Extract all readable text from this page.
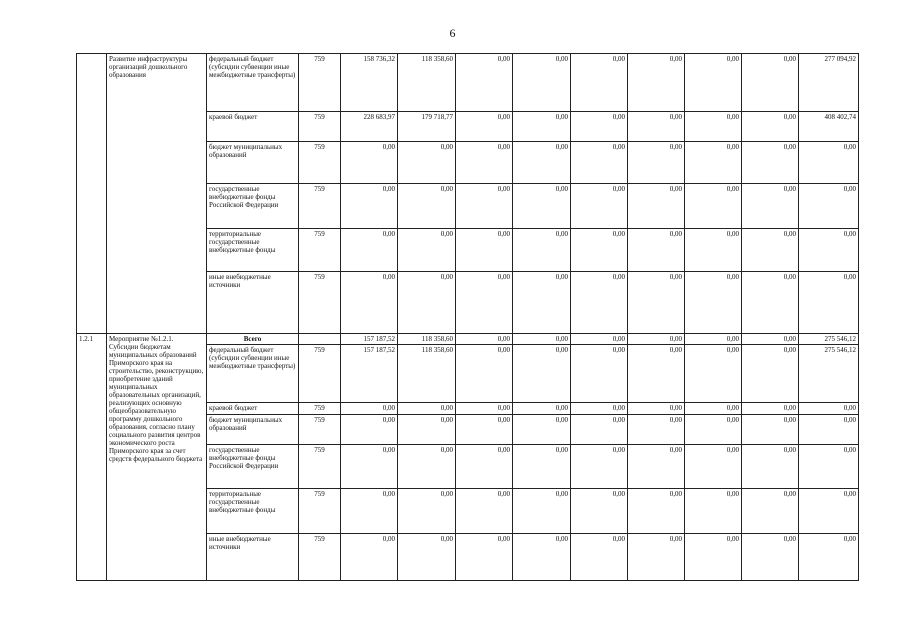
6
	Развитие инфраструктуры организаций дошкольного образования	федеральный бюджет (субсидии субвенции иные межбюджетные трансферты)	759	158 736,32	118 358,60	0,00	0,00	0,00	0,00	0,00	0,00	277 094,92
		краевой бюджет	759	228 683,97	179 718,77	0,00	0,00	0,00	0,00	0,00	0,00	408 402,74
		бюджет муниципальных образований	759	0,00	0,00	0,00	0,00	0,00	0,00	0,00	0,00	0,00
		государственные внебюджетные фонды Российской Федерации	759	0,00	0,00	0,00	0,00	0,00	0,00	0,00	0,00	0,00
		территориальные государственные внебюджетные фонды	759	0,00	0,00	0,00	0,00	0,00	0,00	0,00	0,00	0,00
		иные внебюджетные источники	759	0,00	0,00	0,00	0,00	0,00	0,00	0,00	0,00	0,00
1.2.1	Мероприятие №1.2.1. Субсидии бюджетам муниципальных образований Приморского края на строительство, реконструкцию, приобретение зданий муниципальных образовательных организаций, реализующих основную общеобразовательную программу дошкольного образования, согласно плану социального развития центров экономического роста Приморского края за счет средств федерального бюджета	Всего		157 187,52	118 358,60	0,00	0,00	0,00	0,00	0,00	0,00	275 546,12
		федеральный бюджет (субсидии субвенции иные межбюджетные трансферты)	759	157 187,52	118 358,60	0,00	0,00	0,00	0,00	0,00	0,00	275 546,12
		краевой бюджет	759	0,00	0,00	0,00	0,00	0,00	0,00	0,00	0,00	0,00
		бюджет муниципальных образований	759	0,00	0,00	0,00	0,00	0,00	0,00	0,00	0,00	0,00
		государственные внебюджетные фонды Российской Федерации	759	0,00	0,00	0,00	0,00	0,00	0,00	0,00	0,00	0,00
		территориальные государственные внебюджетные фонды	759	0,00	0,00	0,00	0,00	0,00	0,00	0,00	0,00	0,00
		иные внебюджетные источники	759	0,00	0,00	0,00	0,00	0,00	0,00	0,00	0,00	0,00
